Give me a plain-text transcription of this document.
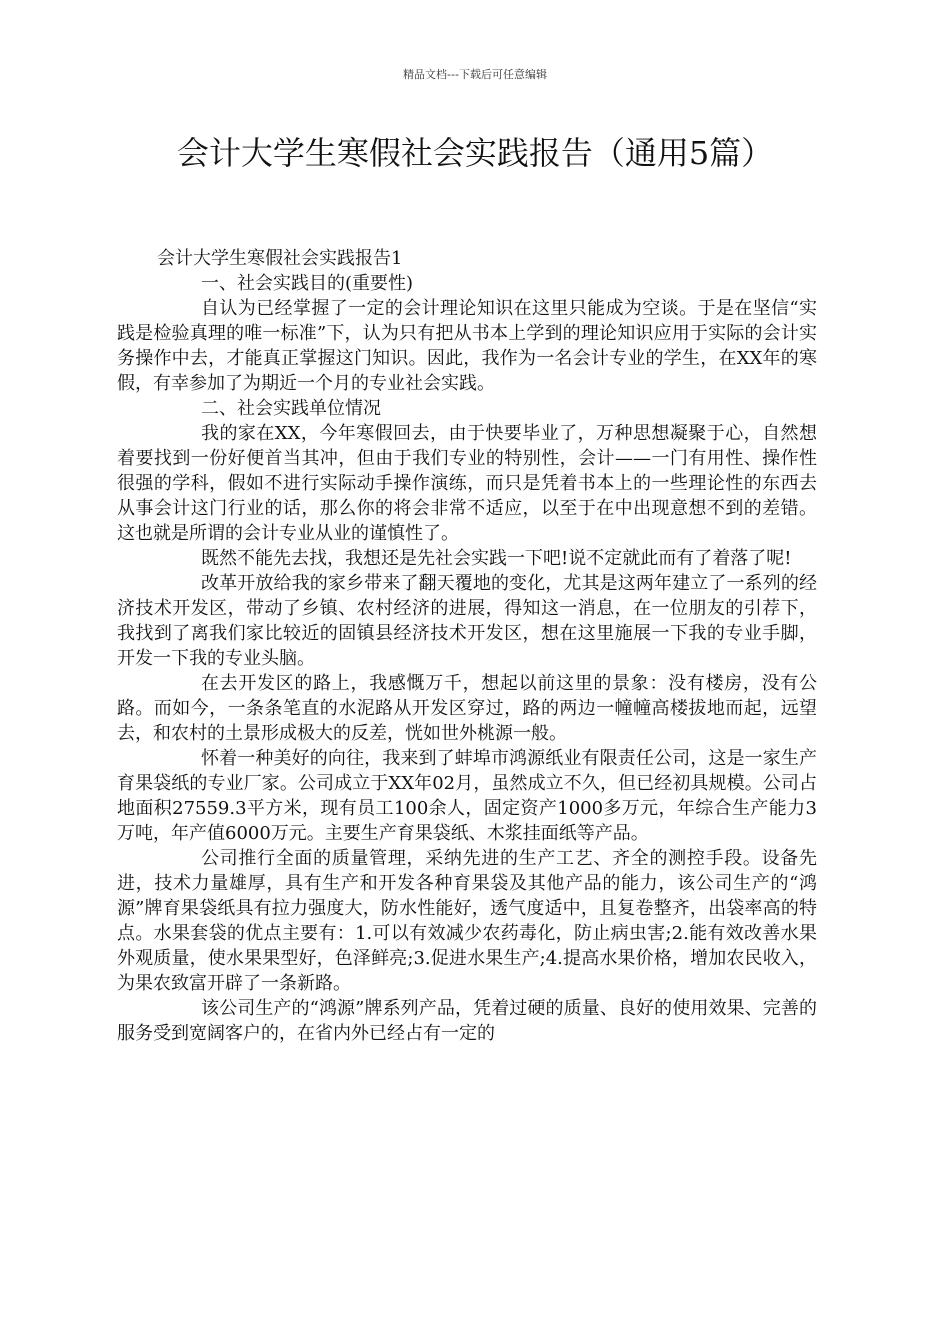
精品文档---下载后可任意编辑
会计大学生寒假社会实践报告（通用5篇）

会计大学生寒假社会实践报告1

一、社会实践目的(重要性)

自认为已经掌握了一定的会计理论知识在这里只能成为空谈。于是在坚信“实践是检验真理的唯一标准”下，认为只有把从书本上学到的理论知识应用于实际的会计实务操作中去，才能真正掌握这门知识。因此，我作为一名会计专业的学生，在XX年的寒假，有幸参加了为期近一个月的专业社会实践。

二、社会实践单位情况

我的家在XX，今年寒假回去，由于快要毕业了，万种思想凝聚于心，自然想着要找到一份好便首当其冲，但由于我们专业的特别性，会计——一门有用性、操作性很强的学科，假如不进行实际动手操作演练，而只是凭着书本上的一些理论性的东西去从事会计这门行业的话，那么你的将会非常不适应，以至于在中出现意想不到的差错。这也就是所谓的会计专业从业的谨慎性了。

既然不能先去找，我想还是先社会实践一下吧!说不定就此而有了着落了呢!

改革开放给我的家乡带来了翻天覆地的变化，尤其是这两年建立了一系列的经济技术开发区，带动了乡镇、农村经济的进展，得知这一消息，在一位朋友的引荐下，我找到了离我们家比较近的固镇县经济技术开发区，想在这里施展一下我的专业手脚，开发一下我的专业头脑。

在去开发区的路上，我感慨万千，想起以前这里的景象：没有楼房，没有公路。而如今，一条条笔直的水泥路从开发区穿过，路的两边一幢幢高楼拔地而起，远望去，和农村的土景形成极大的反差，恍如世外桃源一般。

怀着一种美好的向往，我来到了蚌埠市鸿源纸业有限责任公司，这是一家生产育果袋纸的专业厂家。公司成立于XX年02月，虽然成立不久，但已经初具规模。公司占地面积27559.3平方米，现有员工100余人，固定资产1000多万元，年综合生产能力3万吨，年产值6000万元。主要生产育果袋纸、木浆挂面纸等产品。

公司推行全面的质量管理，采纳先进的生产工艺、齐全的测控手段。设备先进，技术力量雄厚，具有生产和开发各种育果袋及其他产品的能力，该公司生产的“鸿源”牌育果袋纸具有拉力强度大，防水性能好，透气度适中，且复卷整齐，出袋率高的特点。水果套袋的优点主要有：1.可以有效减少农药毒化，防止病虫害;2.能有效改善水果外观质量，使水果果型好，色泽鲜亮;3.促进水果生产;4.提高水果价格，增加农民收入，为果农致富开辟了一条新路。

该公司生产的“鸿源”牌系列产品，凭着过硬的质量、良好的使用效果、完善的服务受到宽阔客户的，在省内外已经占有一定的
